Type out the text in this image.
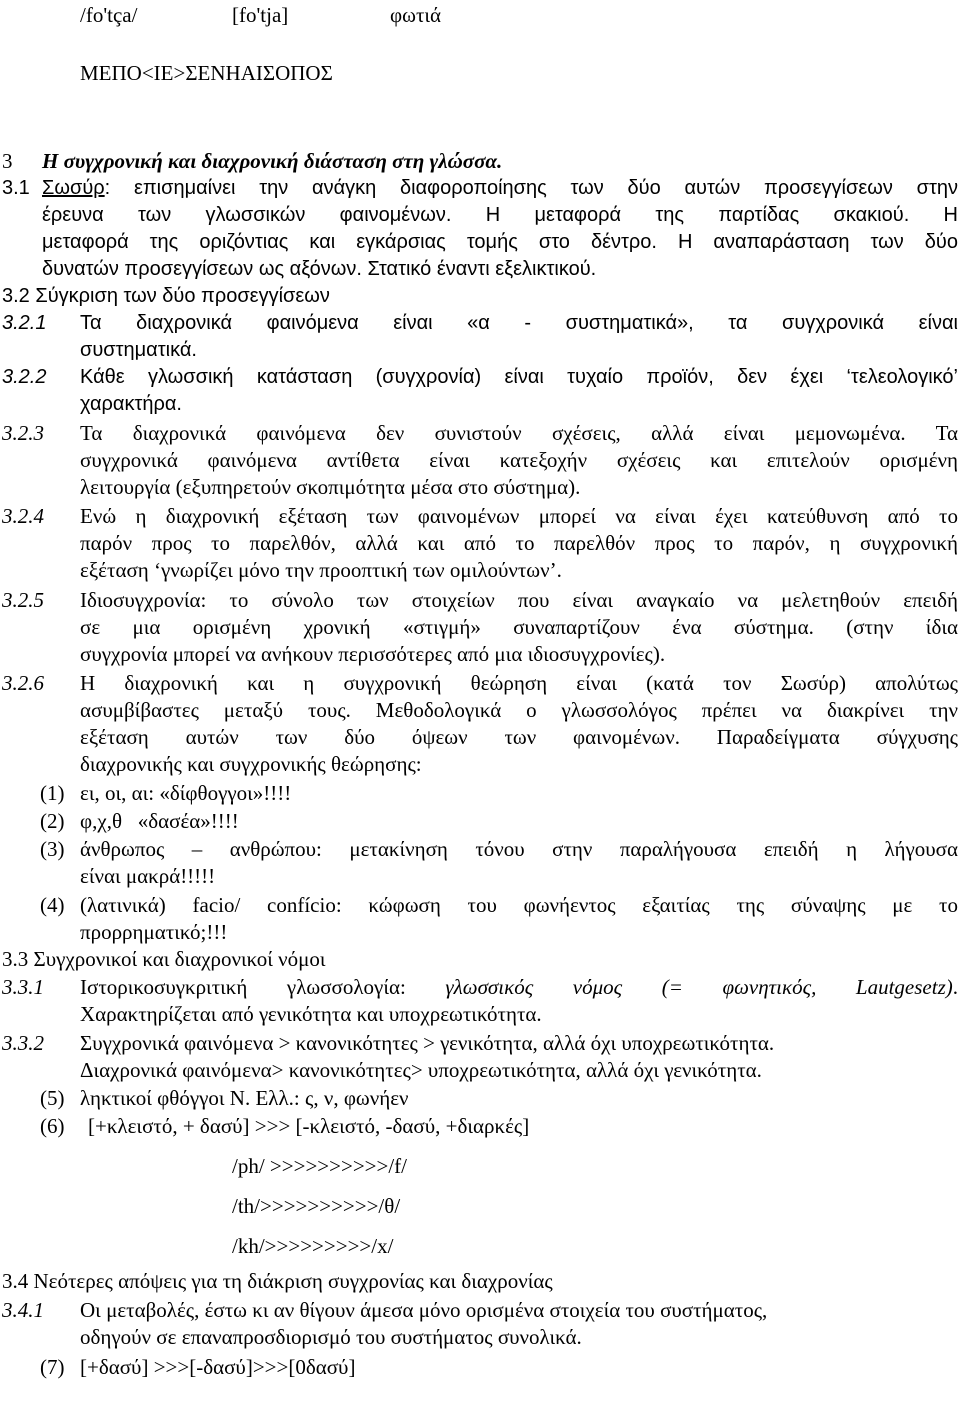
/fo'tça/	[fo'tja]	φωτιά
ΜΕΠΟ<ΙΕ>ΣΕΝΗΑΙΣΟΠΟΣ
3 Η συγχρονική και διαχρονική διάσταση στη γλώσσα.
3.1 Σωσύρ: επισημαίνει την ανάγκη διαφοροποίησης των δύο αυτών προσεγγίσεων στην
έρευνα των γλωσσικών φαινομένων. Η μεταφορά της παρτίδας σκακιού. Η
μεταφορά της οριζόντιας και εγκάρσιας τομής στο δέντρο. Η αναπαράσταση των δύο
δυνατών προσεγγίσεων ως αξόνων. Στατικό έναντι εξελικτικού.
3.2 Σύγκριση των δύο προσεγγίσεων
3.2.1 Τα διαχρονικά φαινόμενα είναι «α - συστηματικά», τα συγχρονικά είναι
συστηματικά.
3.2.2 Κάθε γλωσσική κατάσταση (συγχρονία) είναι τυχαίο προϊόν, δεν έχει ‘τελεολογικό’
χαρακτήρα.
3.2.3 Τα διαχρονικά φαινόμενα δεν συνιστούν σχέσεις, αλλά είναι μεμονωμένα. Τα
συγχρονικά φαινόμενα αντίθετα είναι κατεξοχήν σχέσεις και επιτελούν ορισμένη
λειτουργία (εξυπηρετούν σκοπιμότητα μέσα στο σύστημα).
3.2.4 Ενώ η διαχρονική εξέταση των φαινομένων μπορεί να είναι έχει κατεύθυνση από το
παρόν προς το παρελθόν, αλλά και από το παρελθόν προς το παρόν, η συγχρονική
εξέταση ‘γνωρίζει μόνο την προοπτική των ομιλούντων’.
3.2.5 Ιδιοσυγχρονία: το σύνολο των στοιχείων που είναι αναγκαίο να μελετηθούν επειδή
σε μια ορισμένη χρονική «στιγμή» συναπαρτίζουν ένα σύστημα. (στην ίδια
συγχρονία μπορεί να ανήκουν περισσότερες από μια ιδιοσυγχρονίες).
3.2.6 Η διαχρονική και η συγχρονική θεώρηση είναι (κατά τον Σωσύρ) απολύτως
ασυμβίβαστες μεταξύ τους. Μεθοδολογικά ο γλωσσολόγος πρέπει να διακρίνει την
εξέταση αυτών των δύο όψεων των φαινομένων. Παραδείγματα σύγχυσης
διαχρονικής και συγχρονικής θεώρησης:
(1) ει, οι, αι: «δίφθογγοι»!!!!
(2) φ,χ,θ   «δασέα»!!!!
(3) άνθρωπος – ανθρώπου: μετακίνηση τόνου στην παραλήγουσα επειδή η λήγουσα
είναι μακρά!!!!!
(4) (λατινικά) facio/ confício: κώφωση του φωνήεντος εξαιτίας της σύναψης με το
προρρηματικό;!!!
3.3 Συγχρονικοί και διαχρονικοί νόμοι
3.3.1 Ιστορικοσυγκριτική γλωσσολογία: γλωσσικός νόμος (= φωνητικός, Lautgesetz).
Χαρακτηρίζεται από γενικότητα και υποχρεωτικότητα.
3.3.2 Συγχρονικά φαινόμενα > κανονικότητες > γενικότητα, αλλά όχι υποχρεωτικότητα.
Διαχρονικά φαινόμενα> κανονικότητες> υποχρεωτικότητα, αλλά όχι γενικότητα.
(5) ληκτικοί φθόγγοι Ν. Ελλ.: ς, ν, φωνήεν
(6) [+κλειστό, + δασύ] >>> [-κλειστό, -δασύ, +διαρκές]
/ph/ >>>>>>>>>>/f/
/th/>>>>>>>>>>/θ/
/kh/>>>>>>>>>/x/
3.4 Νεότερες απόψεις για τη διάκριση συγχρονίας και διαχρονίας
3.4.1 Οι μεταβολές, έστω κι αν θίγουν άμεσα μόνο ορισμένα στοιχεία του συστήματος,
οδηγούν σε επαναπροσδιορισμό του συστήματος συνολικά.
(7) [+δασύ] >>>[-δασύ]>>>[0δασύ]
